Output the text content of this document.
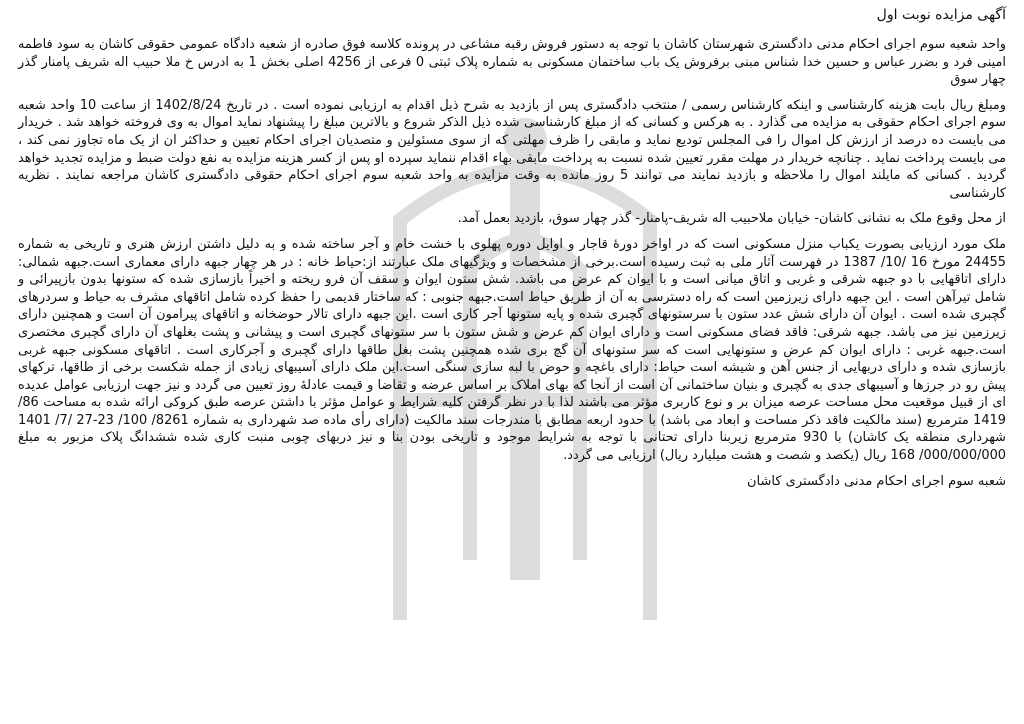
آگهی مزایده نوبت اول
واحد شعبه سوم اجرای احکام مدنی دادگستری شهرستان کاشان با توجه به دستور فروش رقبه مشاعی در پرونده کلاسه فوق صادره از شعبه دادگاه عمومی حقوقی کاشان به سود فاطمه امینی فرد و بضرر عباس و حسین خدا شناس مبنی برفروش یک باب ساختمان مسکونی به شماره پلاک ثبتی 0 فرعی از 4256 اصلی بخش 1 به ادرس خ ملا حبیب اله شریف پامنار گذر چهار سوق
ومبلغ ریال بابت هزینه کارشناسی و اینکه کارشناس رسمی / منتخب دادگستری پس از بازدید به شرح ذیل اقدام به ارزیابی نموده است . در تاریخ 1402/8/24 از ساعت 10 واحد شعبه سوم اجرای احکام حقوقی به مزایده می گذارد . به هرکس و کسانی که از مبلغ کارشناسی شده ذیل الذکر شروع و بالاترین مبلغ را پیشنهاد نماید اموال به وی فروخته خواهد شد . خریدار می بایست ده درصد از ارزش کل اموال را فی المجلس تودیع نماید و مابقی را ظرف مهلتی که از سوی مسئولین و متصدیان اجرای احکام تعیین و حداکثر ان از یک ماه تجاوز نمی کند ، می بایست پرداخت نماید . چنانچه خریدار در مهلت مقرر تعیین شده نسبت به پرداخت مابقی بهاء اقدام ننماید سپرده او پس از کسر هزینه مزایده به نفع دولت ضبط و مزایده تجدید خواهد گردید . کسانی که مایلند اموال را ملاحظه و بازدید نمایند می توانند 5 روز مانده به وقت مزایده به واحد شعبه سوم اجرای احکام حقوقی دادگستری کاشان مراجعه نمایند . نظریه کارشناسی
از محل وقوع ملک به نشانی کاشان- خیابان ملاحبیب اله شریف-پامنار- گذر چهار سوق، بازدید بعمل آمد.
ملک مورد ارزیابی بصورت یکباب منزل مسکونی است که در اواخر دورهٔ قاجار و اوایل دوره پهلوی با خشت خام و آجر ساخته شده و به دلیل داشتن ارزش هنری و تاریخی به شماره 24455 مورخ 16 /10/ 1387 در فهرست آثار ملی به ثبت رسیده است.برخی از مشخصات و ویژگیهای ملک عبارتند از:حیاط خانه : در هر چهار جبهه دارای معماری است.جبهه شمالی: دارای اتاقهایی با دو جبهه شرقی و غربی و اتاق میانی است و با ایوان کم عرض می باشد. شش ستون ایوان و سقف آن فرو ریخته و اخیراً بازسازی شده که ستونها بدون بازپیرائی و شامل تیرآهن است . این جبهه دارای زیرزمین است که راه دسترسی به آن از طریق حیاط است.جبهه جنوبی : که ساختار قدیمی را حفظ کرده شامل اتاقهای مشرف به حیاط و سردرهای گچبری شده است . ایوان آن دارای شش عدد ستون با سرستونهای گچبری شده و پایه ستونها آجر کاری است .این جبهه دارای تالار حوضخانه و اتاقهای پیرامون آن است و همچنین دارای زیرزمین نیز می باشد. جبهه شرقی: فاقد فضای مسکونی است و دارای ایوان کم عرض و شش ستون با سر ستونهای گچبری است و پیشانی و پشت بغلهای آن دارای گچبری مختصری است.جبهه غربی : دارای ایوان کم عرض و ستونهایی است که سر ستونهای آن گچ بری شده همچنین پشت بغل طاقها دارای گچبری و آجرکاری است . اتاقهای مسکونی جبهه غربی بازسازی شده و دارای دربهایی از جنس آهن و شیشه است حیاط: دارای باغچه و حوض با لبه سازی سنگی است.این ملک دارای آسیبهای زیادی از جمله شکست برخی از طاقها، ترکهای پیش رو در جرزها و آسیبهای جدی به گچبری و بنیان ساختمانی آن است از آنجا که بهای املاک بر اساس عرضه و تقاضا و قیمت عادلهٔ روز تعیین می گردد و نیز جهت ارزیابی عوامل عدیده ای از قبیل موقعیت محل مساحت عرصه میزان بر و نوع کاربری مؤثر می باشند لذا با در نظر گرفتن کلیه شرایط و عوامل مؤثر با داشتن عرصه طبق کروکی ارائه شده به مساحت 86/ 1419 مترمربع (سند مالکیت فاقد ذکر مساحت و ابعاد می باشد) با حدود اربعه مطابق با مندرجات سند مالکیت (دارای رأی ماده صد شهرداری به شماره 8261/ 100/ 23-27 /7/ 1401 شهرداری منطقه یک کاشان) با 930 مترمربع زیربنا دارای تحتانی با توجه به شرایط موجود و تاریخی بودن بنا و نیز دربهای چوبی منبت کاری شده ششدانگ پلاک مزبور به مبلغ 000/000/000/ 168 ریال (یکصد و شصت و هشت میلیارد ریال) ارزیابی می گردد.
شعبه سوم اجرای احکام مدنی دادگستری کاشان
